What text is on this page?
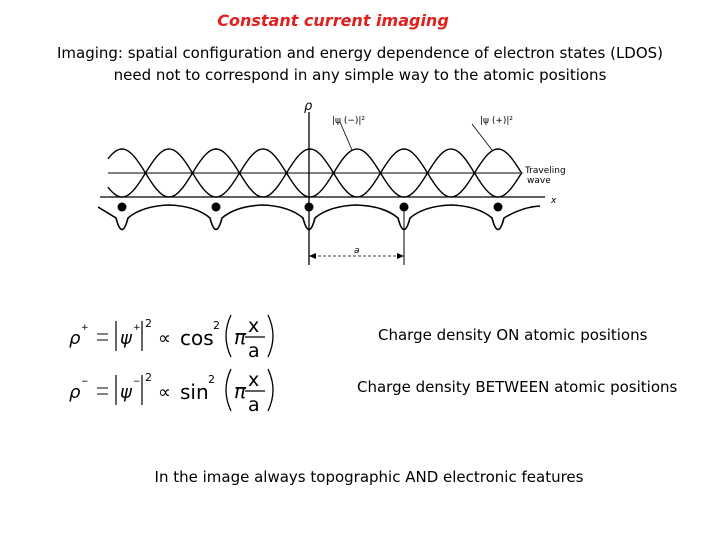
Constant current imaging
Imaging: spatial configuration and energy dependence of electron states (LDOS)
need not to correspond in any simple way to the atomic positions
ρ
x
|ψ (−)|²	|ψ (+)|²
Traveling
wave
a
ρ + ψ + 2
∝ cos
2 π x
a
ρ − ψ − 2
∝ sin
2 π x
a
Charge density ON atomic positions
Charge density BETWEEN atomic positions
In the image always topographic AND electronic features
